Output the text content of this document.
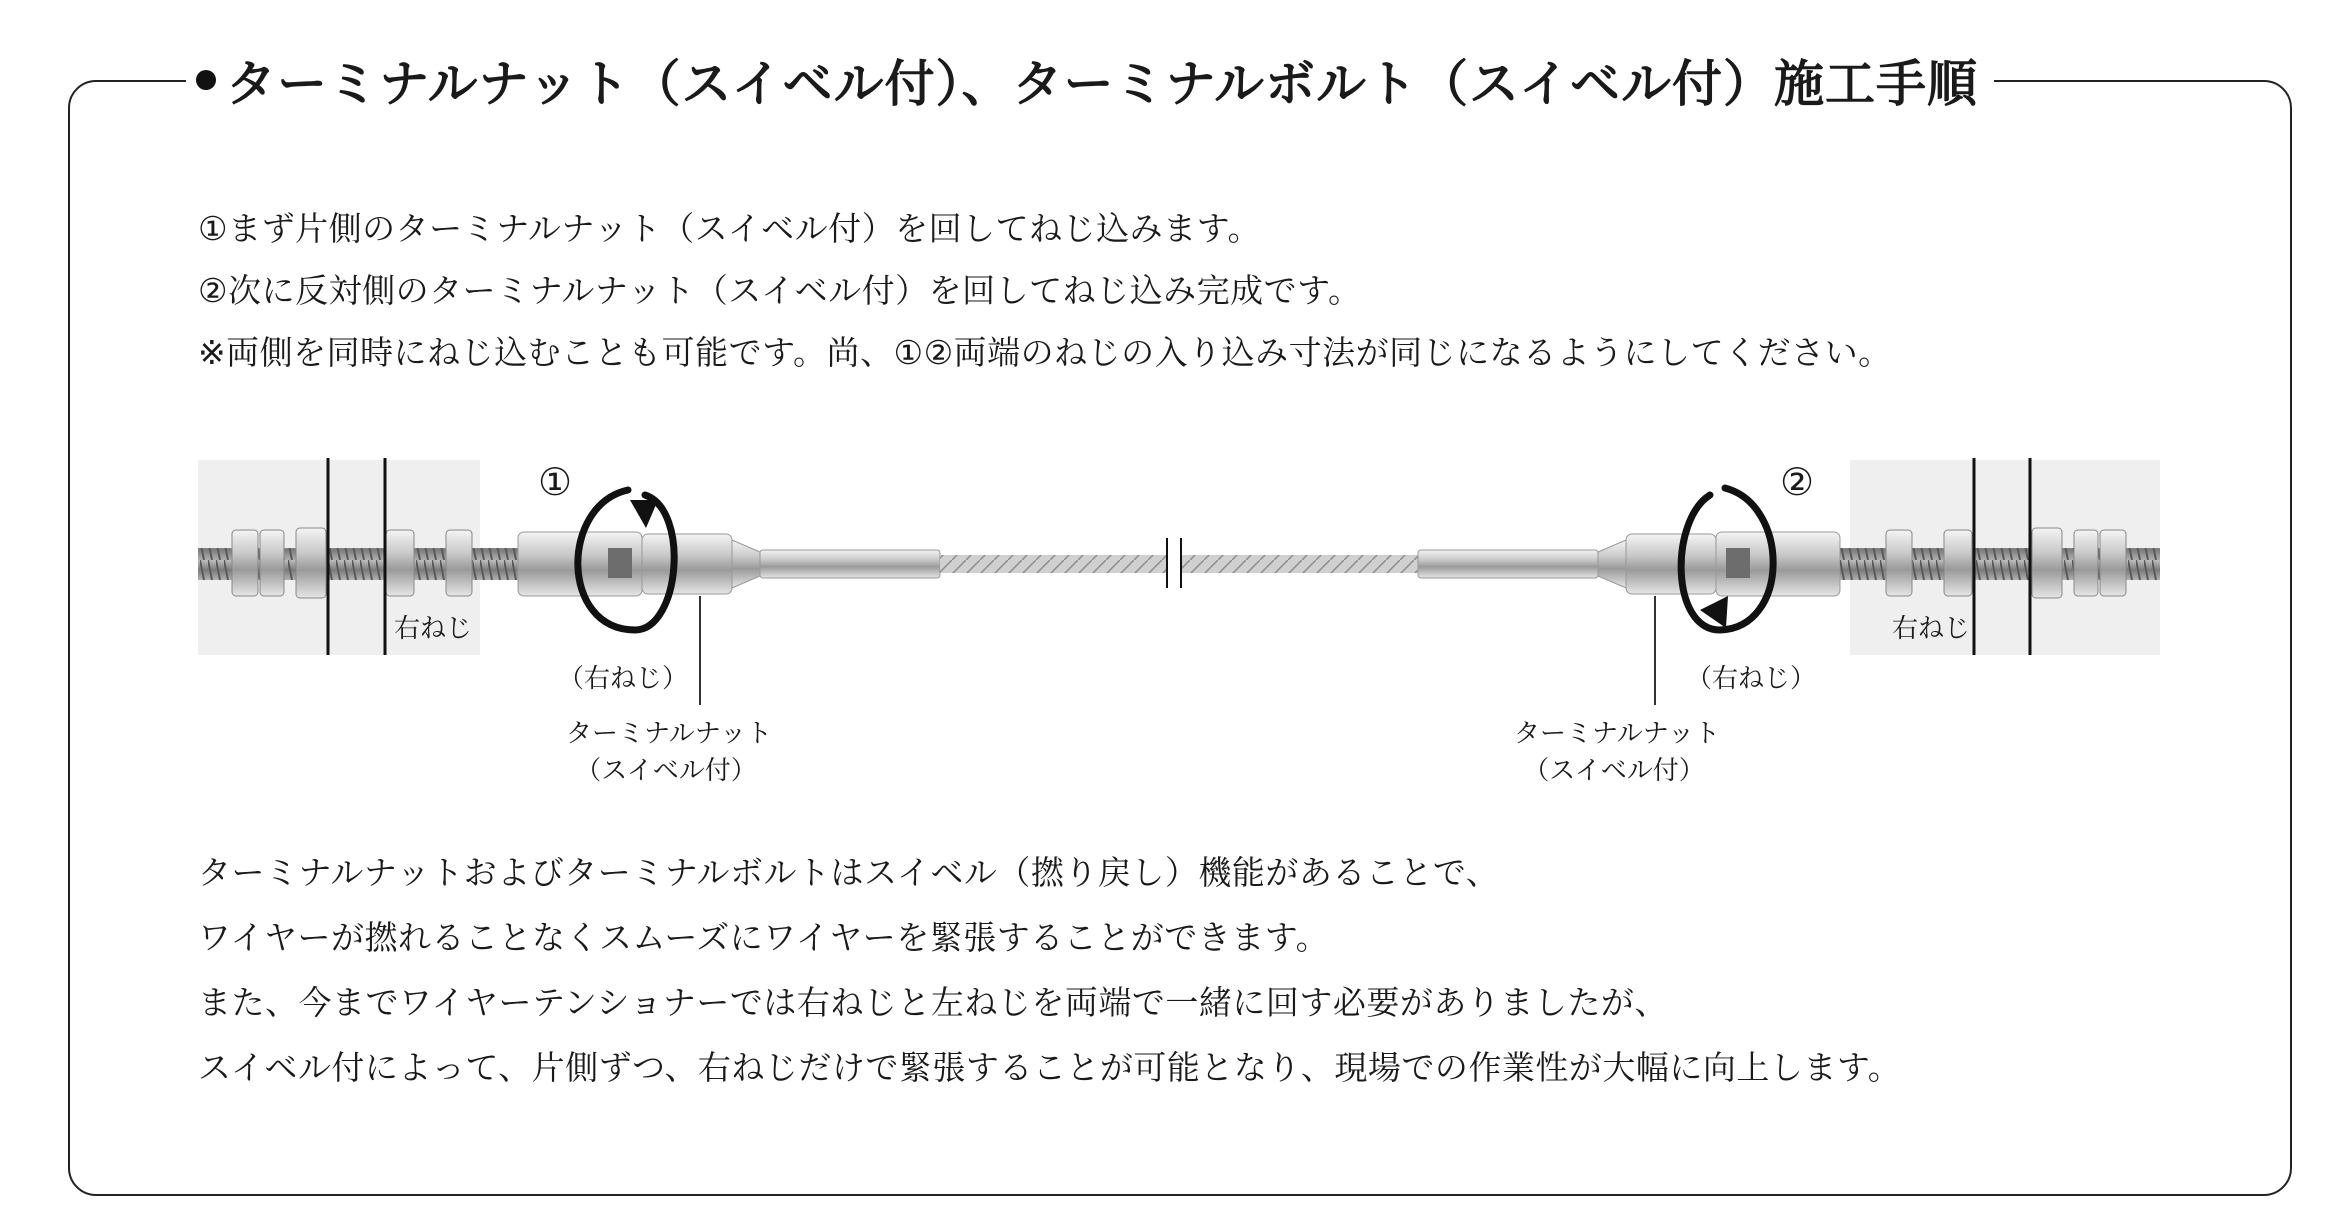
ターミナルナット（スイベル付）、ターミナルボルト（スイベル付）施工手順
①まず片側のターミナルナット（スイベル付）を回してねじ込みます。
②次に反対側のターミナルナット（スイベル付）を回してねじ込み完成です。
※両側を同時にねじ込むことも可能です。尚、①②両端のねじの入り込み寸法が同じになるようにしてください。
①	②
右ねじ	右ねじ
（右ねじ）	（右ねじ）
ターミナルナット
（スイベル付）
ターミナルナット
（スイベル付）
ターミナルナットおよびターミナルボルトはスイベル（撚り戻し）機能があることで、
ワイヤーが撚れることなくスムーズにワイヤーを緊張することができます。
また、今までワイヤーテンショナーでは右ねじと左ねじを両端で一緒に回す必要がありましたが、
スイベル付によって、片側ずつ、右ねじだけで緊張することが可能となり、現場での作業性が大幅に向上します。
